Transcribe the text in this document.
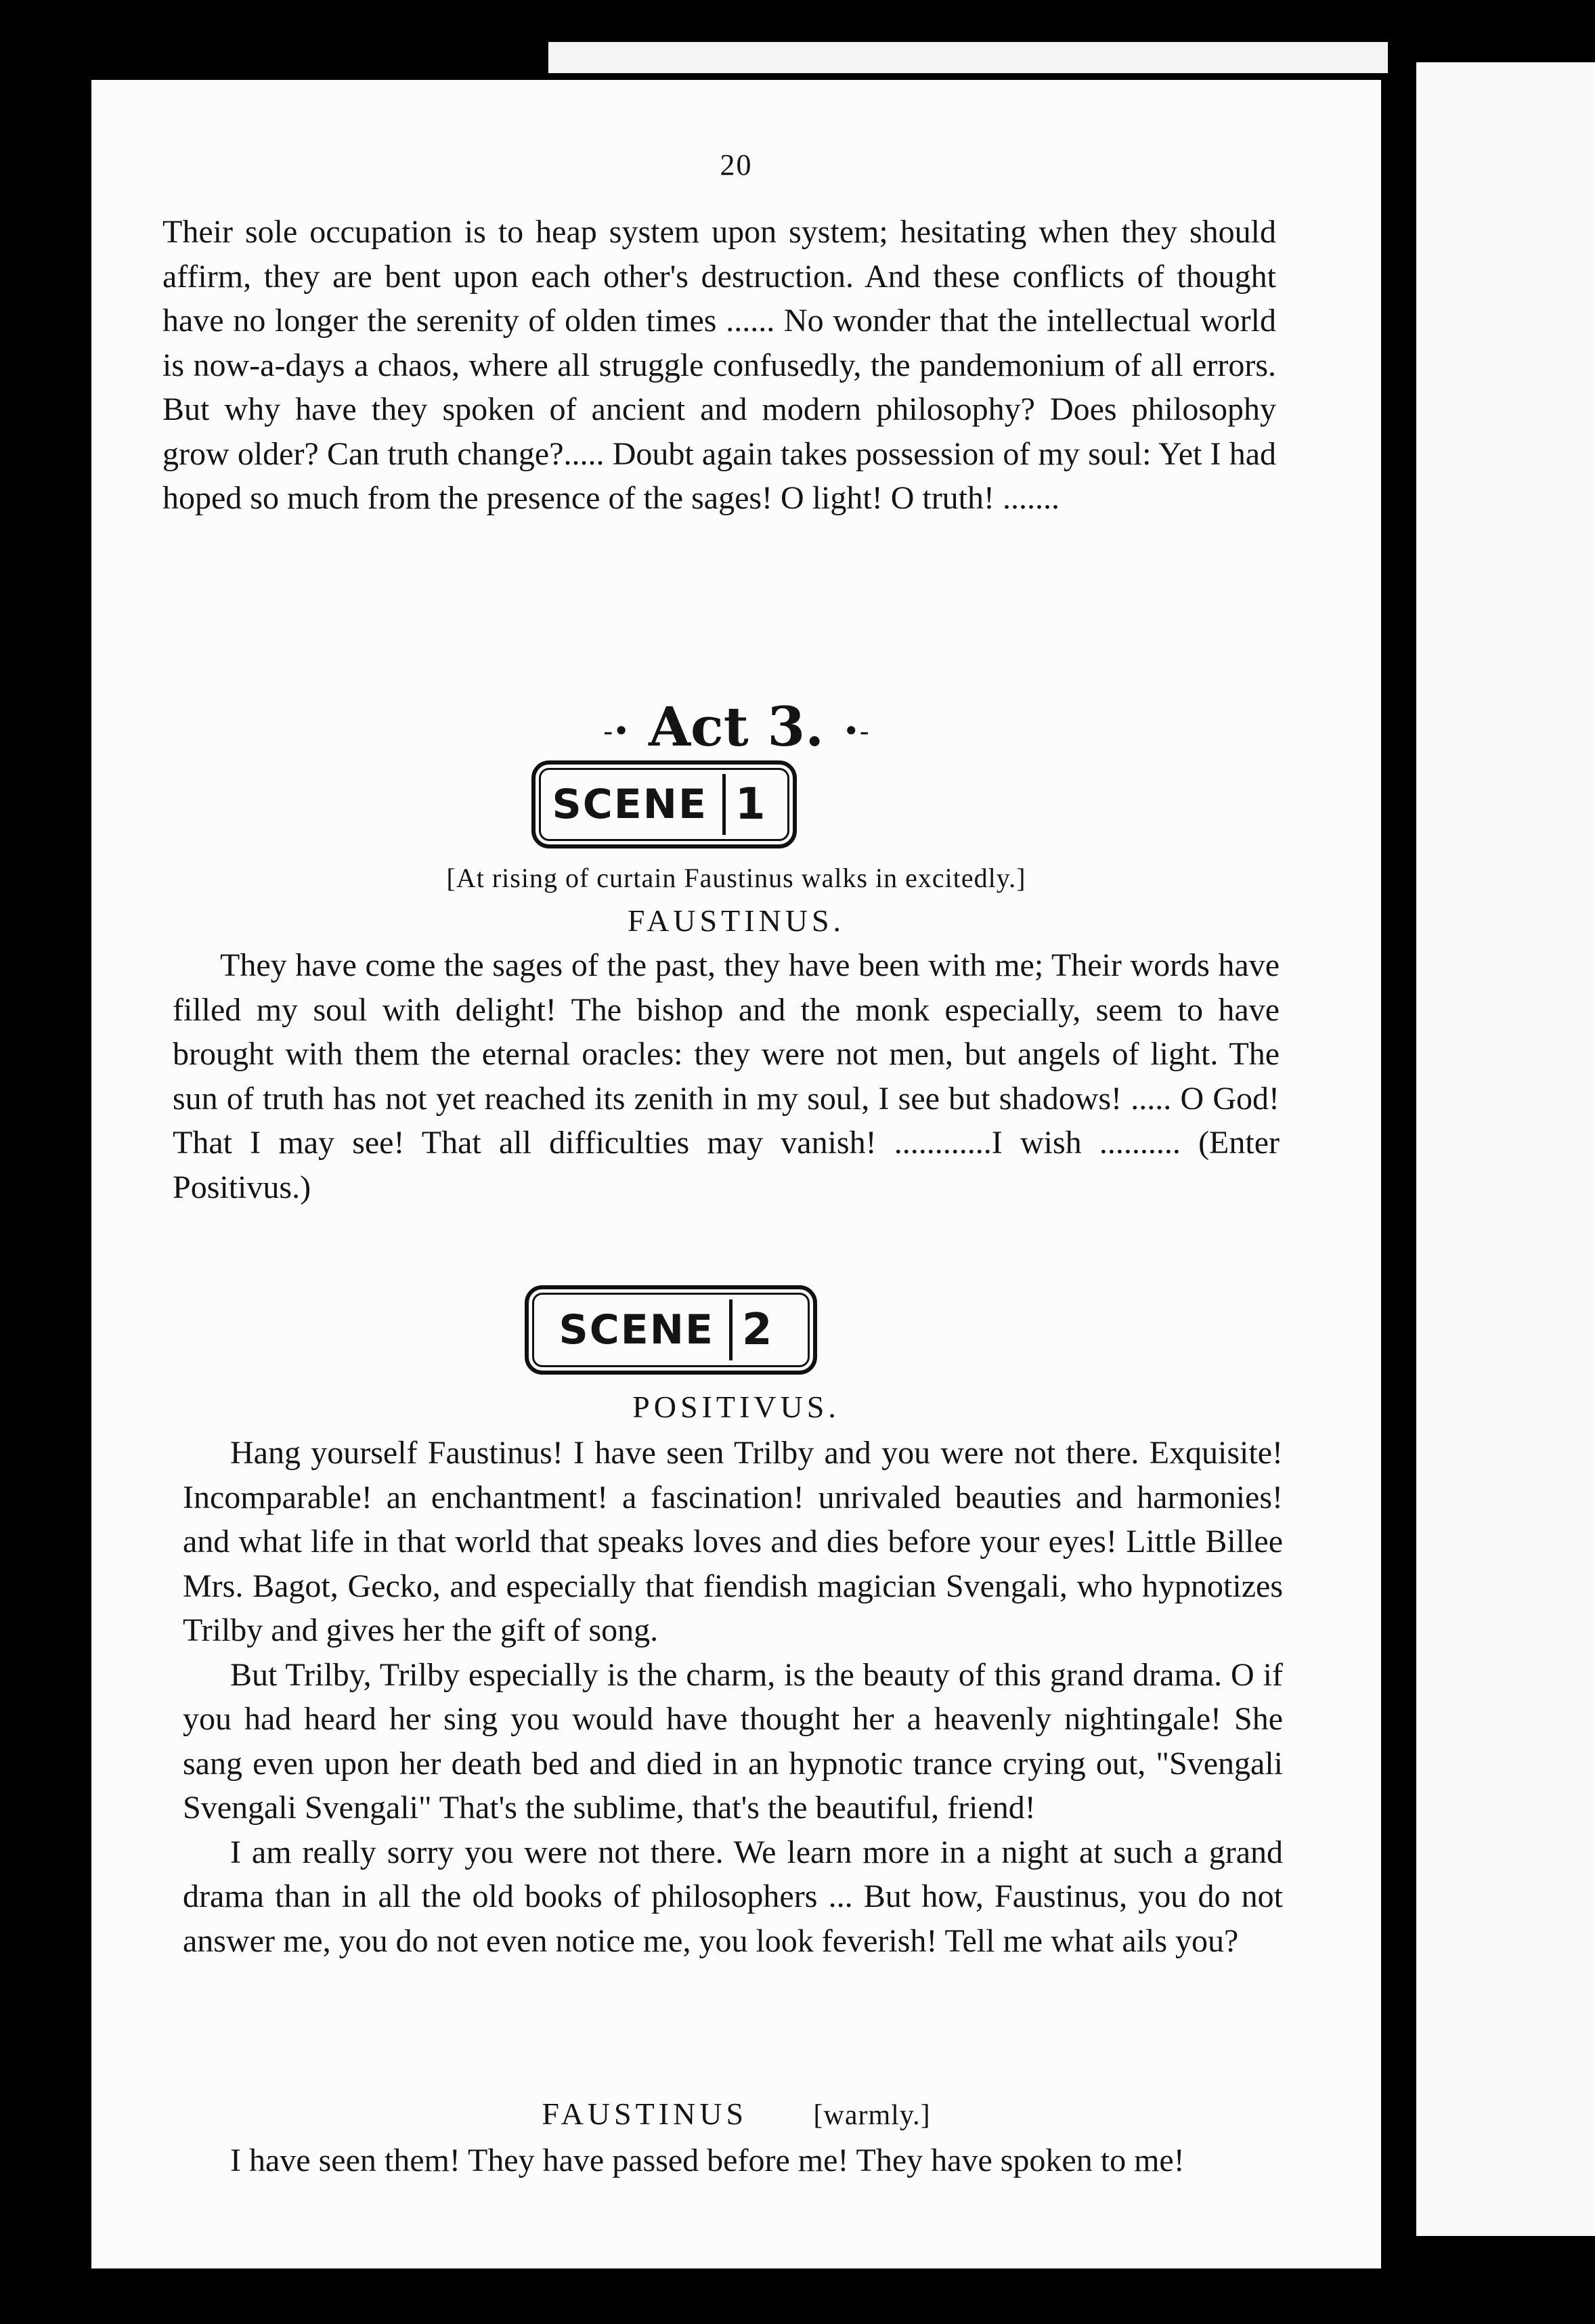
20

Their sole occupation is to heap system upon system; hesitating when they should affirm, they are bent upon each other's destruction. And these conflicts of thought have no longer the serenity of olden times ...... No wonder that the intellectual world is now-a-days a chaos, where all struggle confusedly, the pandemonium of all errors. But why have they spoken of ancient and modern philosophy? Does philosophy grow older? Can truth change?..... Doubt again takes possession of my soul: Yet I had hoped so much from the presence of the sages! O light! O truth! .......

-• Act 3. •-
SCENE 1
[At rising of curtain Faustinus walks in excitedly.]
FAUSTINUS.

They have come the sages of the past, they have been with me; Their words have filled my soul with delight! The bishop and the monk especially, seem to have brought with them the eternal oracles: they were not men, but angels of light. The sun of truth has not yet reached its zenith in my soul, I see but shadows! ..... O God! That I may see! That all difficulties may vanish! ............I wish .......... (Enter Positivus.)

SCENE 2
POSITIVUS.

Hang yourself Faustinus! I have seen Trilby and you were not there. Exquisite! Incomparable! an enchantment! a fascination! unrivaled beauties and harmonies! and what life in that world that speaks loves and dies before your eyes! Little Billee Mrs. Bagot, Gecko, and especially that fiendish magician Svengali, who hypnotizes Trilby and gives her the gift of song.

But Trilby, Trilby especially is the charm, is the beauty of this grand drama. O if you had heard her sing you would have thought her a heavenly nightingale! She sang even upon her death bed and died in an hypnotic trance crying out, "Svengali Svengali Svengali" That's the sublime, that's the beautiful, friend!

I am really sorry you were not there. We learn more in a night at such a grand drama than in all the old books of philosophers ... But how, Faustinus, you do not answer me, you do not even notice me, you look feverish! Tell me what ails you?

FAUSTINUS [warmly.]

I have seen them! They have passed before me! They have spoken to me!
